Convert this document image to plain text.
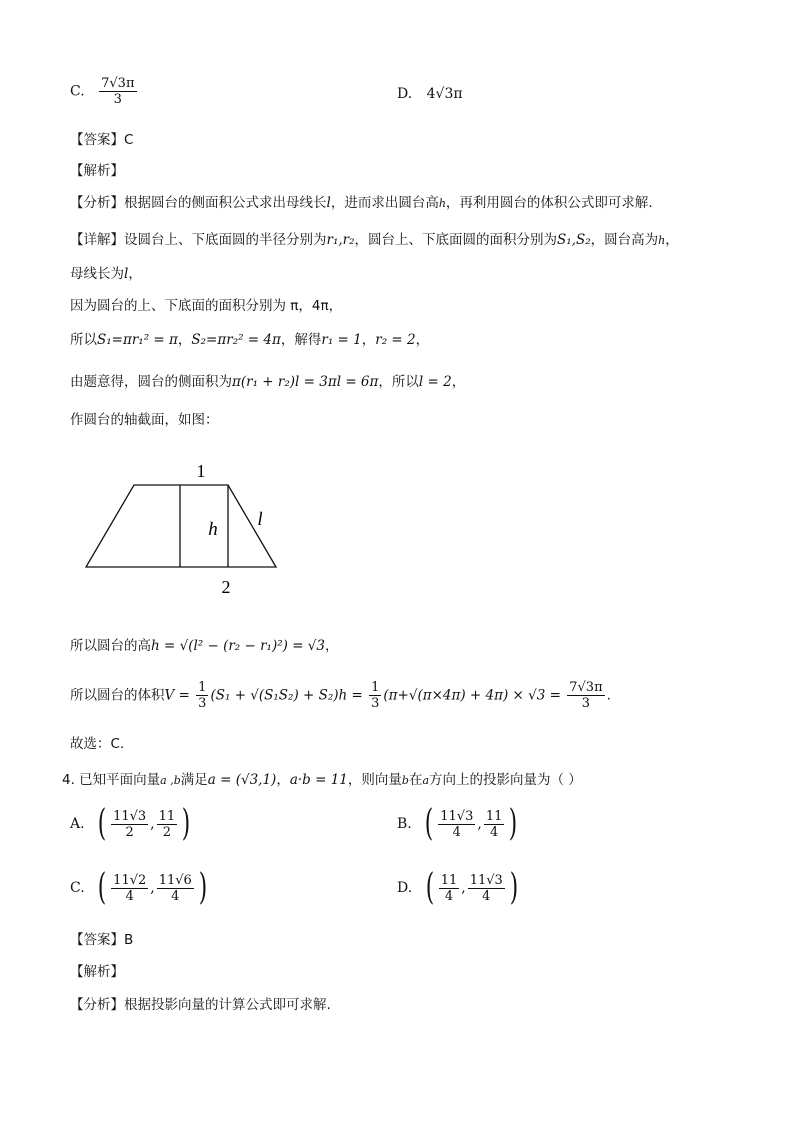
C. $\frac{7√3\pi}{3}$	D. 4√3π
【答案】C
【解析】
【分析】根据圆台的侧面积公式求出母线长l，进而求出圆台高h，再利用圆台的体积公式即可求解.
【详解】设圆台上、下底面圆的半径分别为r₁,r₂，圆台上、下底面圆的面积分别为S₁,S₂，圆台高为h，
母线长为l，
因为圆台的上、下底面的面积分别为 π，4π，
所以S₁=πr₁² = π，S₂=πr₂² = 4π，解得r₁ = 1，r₂ = 2，
由题意得，圆台的侧面积为π(r₁ + r₂)l = 3πl = 6π，所以l = 2，
作圆台的轴截面，如图：
1
h l
2
所以圆台的高h = √(l² − (r₂ − r₁)²) = √3，
所以圆台的体积$V = \frac{1}{3} (S_1 + √(S_1S_2) + S_2)h = \frac{1}{3} (\pi+√(\pi\times 4\pi) + 4\pi) \times √3 = \frac{7√3\pi}{3}$ .
故选：C.
4. 已知平面向量a ,b满足a = (√3,1)，a·b = 11，则向量b在a方向上的投影向量为（ ）
A. ( $\frac{11√3}{2}$ , $\frac{11}{2}$ )	B. ( $\frac{11√3}{4}$ , $\frac{11}{4}$ )
C. ( $\frac{11√2}{4}$ , $\frac{11√6}{4}$ )	D. ( $\frac{11}{4}$ , $\frac{11√3}{4}$ )
【答案】B
【解析】
【分析】根据投影向量的计算公式即可求解.
